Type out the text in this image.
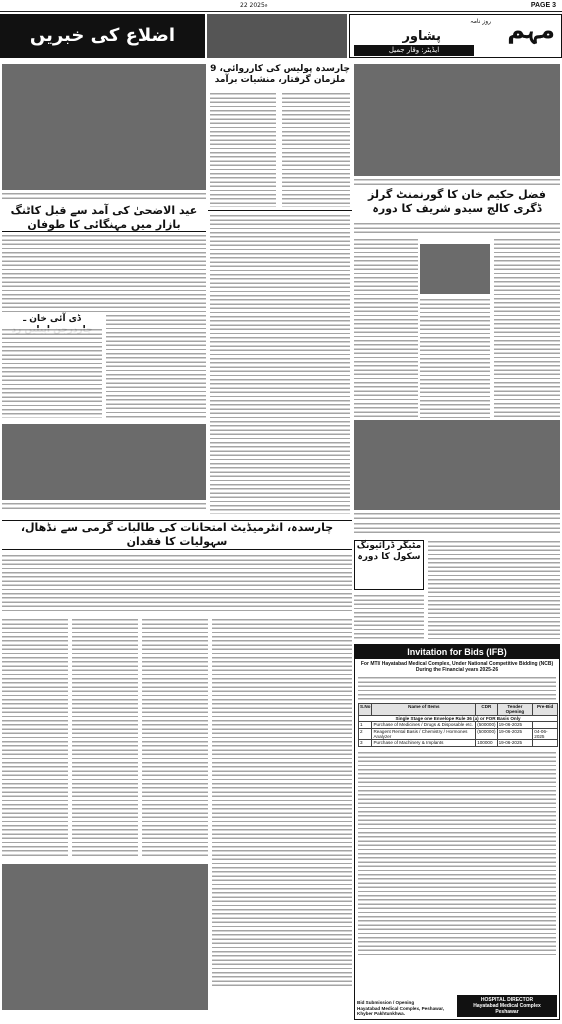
PAGE 3
22 2025ء
اضلاع کی خبریں	مہم
پشاور
روز نامہ
ایڈیٹر: وقار جمیل
عید الاضحیٰ کی آمد سے قبل کاٹنگ بازار میں مہنگائی کا طوفان
ڈی آئی خان ـ
چارسدہ پولیس کی کارروائی، 9 ملزمان گرفتار، منشیات برآمد
فضل حکیم خان کا گورنمنٹ گرلز ڈگری کالج سیدو شریف کا دورہ
چارسدہ، انٹرمیڈیٹ امتحانات کی طالبات گرمی سے نڈھال، سہولیات کا فقدان	مٹیگر ڈرائیونگ سکول کا دورہ
Invitation for Bids (IFB)
For MTI/ Hayatabad Medical Complex, Under National Competitive Bidding (NCB)
During the Financial years 2025-26
S.No	Name of Items	CDR	Tender Opening	Pre-Bid
Single Stage one Envelope Rule 36 (a) or FOR Basis Only				
1	Purchase of Medicines / Drugs & Disposable etc.	(500000)	19-06-2025	
2	Reagent Rental Basis / Chemistry / Hormones Analyzer	(500000)	19-06-2025	04-06-2025
3	Purchase of Machinery & Implants	100000	19-06-2025	
Bid Submission / Opening
Hayatabad Medical Complex, Peshawar,
Khyber Pakhtunkhwa.
HOSPITAL DIRECTOR
Hayatabad Medical Complex
Peshawar
